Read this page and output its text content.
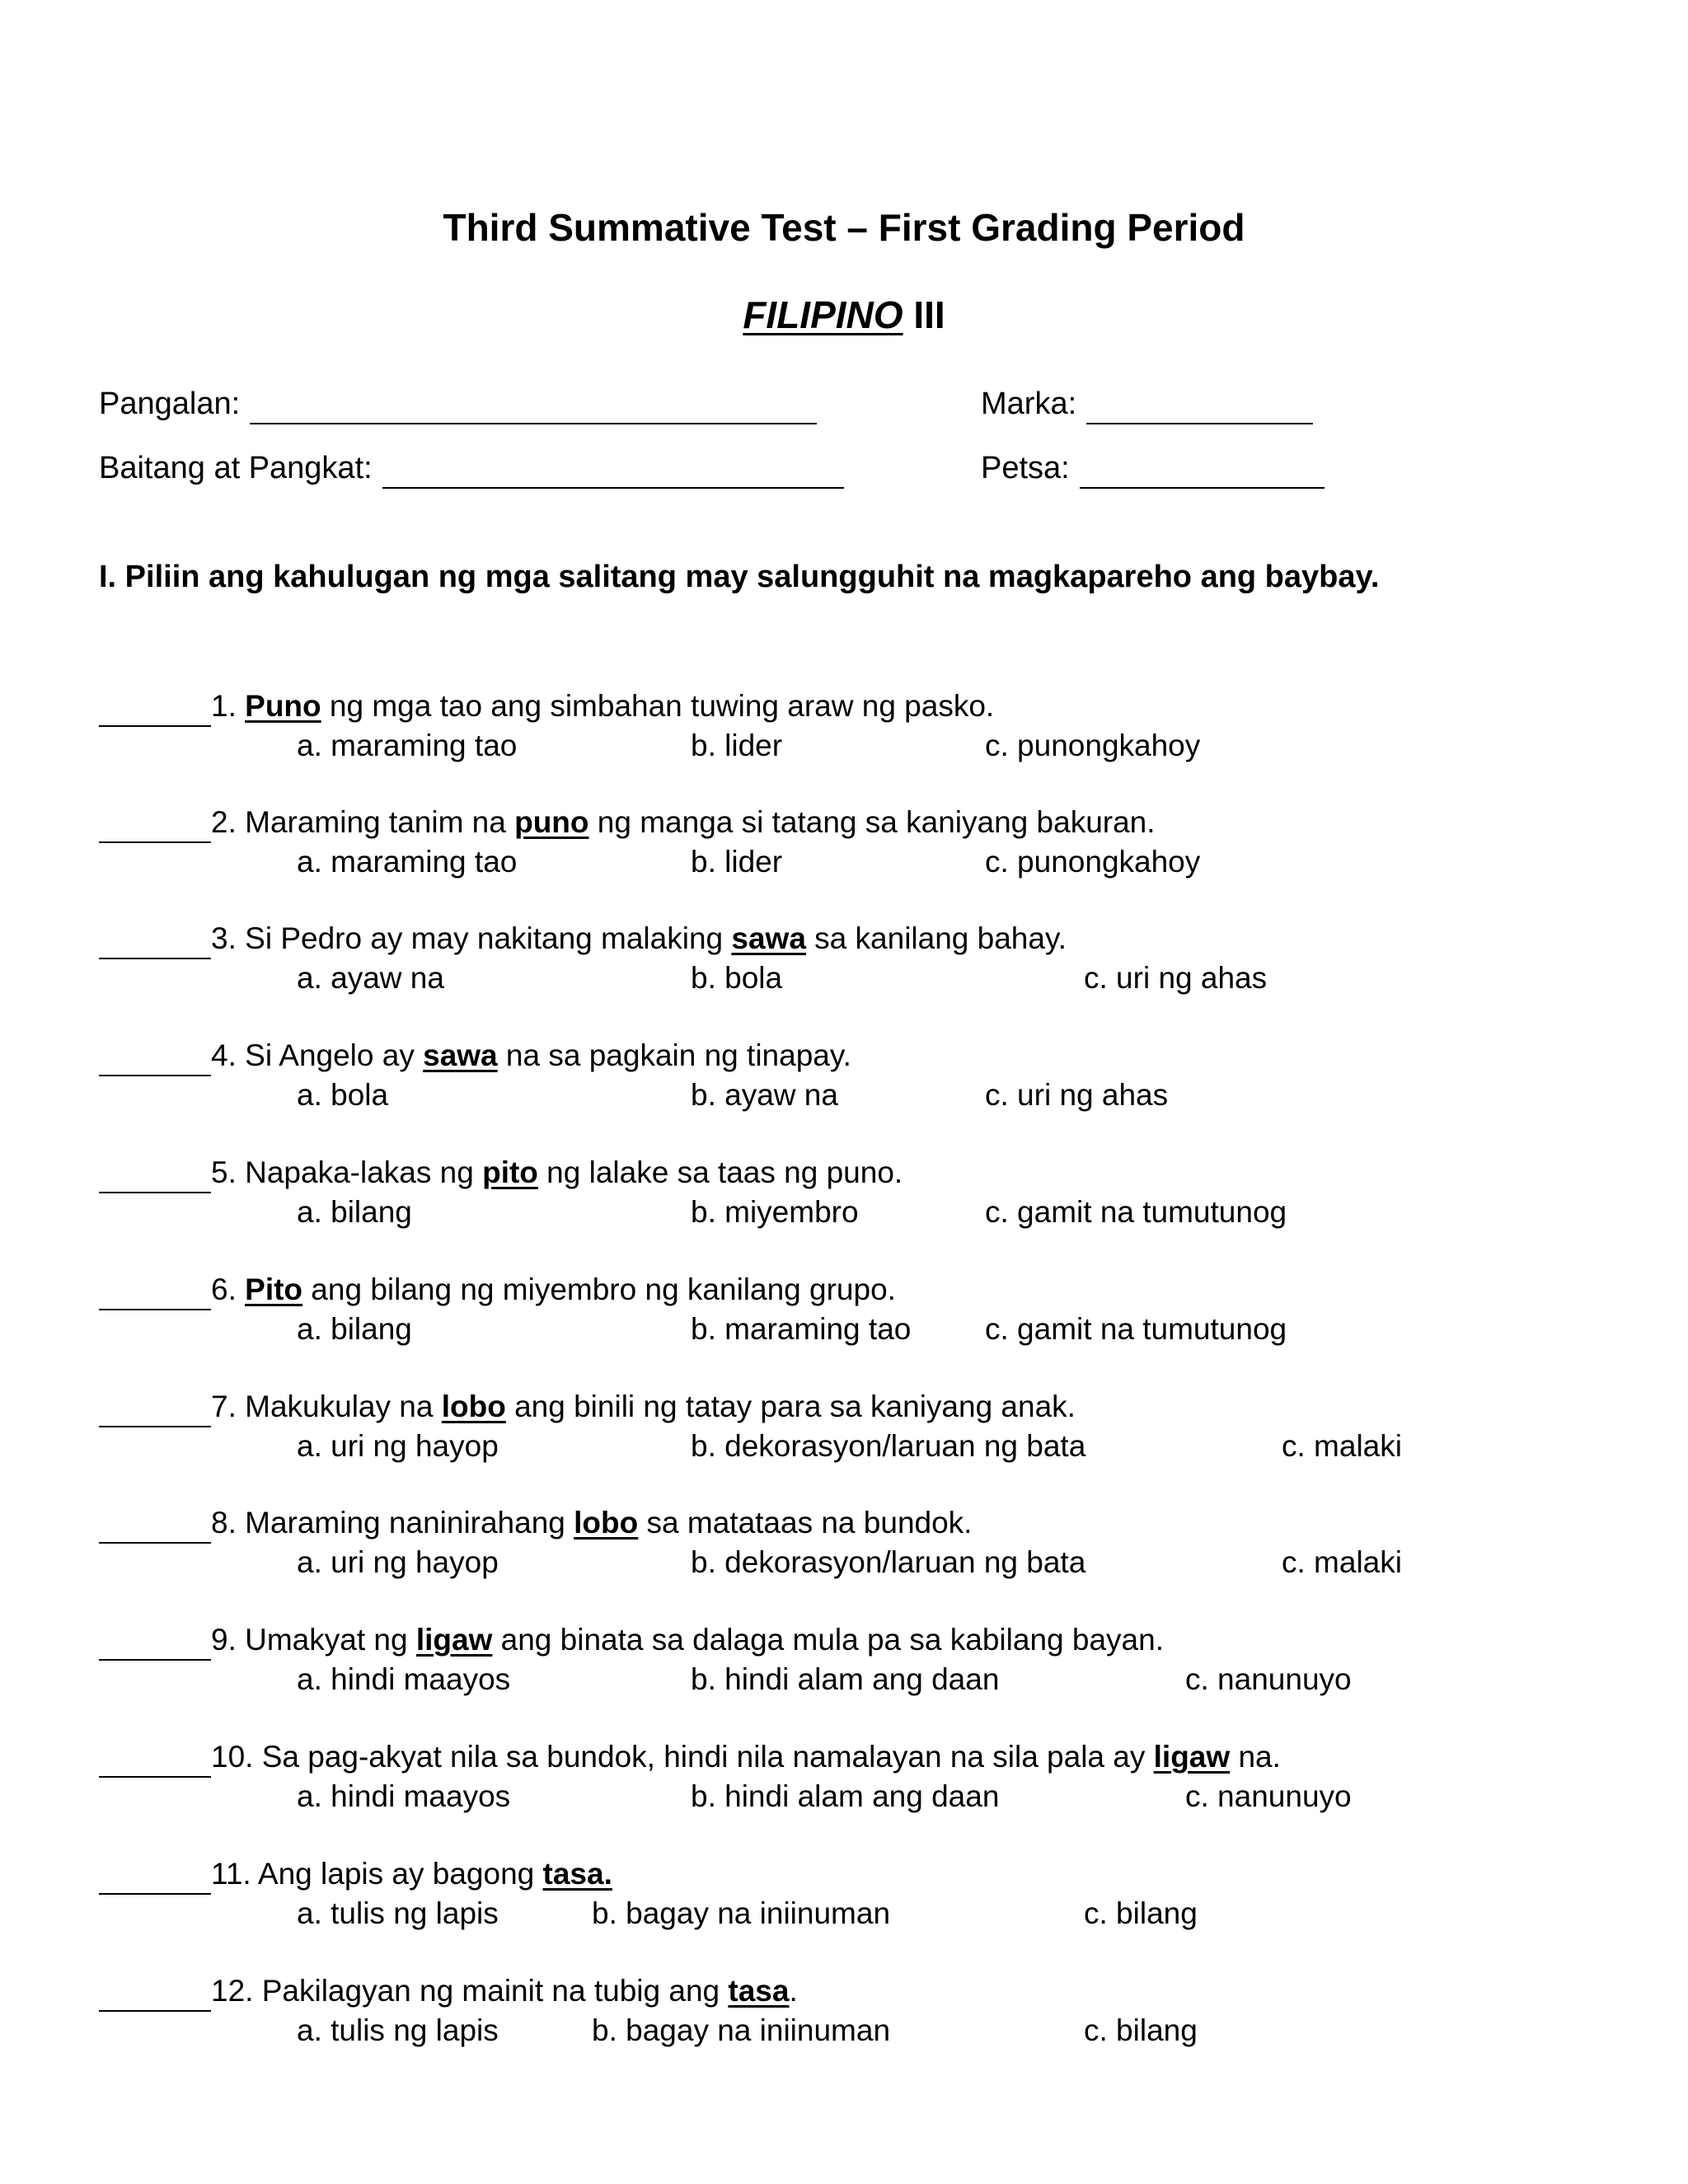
Third Summative Test – First Grading Period
FILIPINO III
Pangalan:	Marka:
Baitang at Pangkat:	Petsa:
I. Piliin ang kahulugan ng mga salitang may salungguhit na magkapareho ang baybay.
1. Puno ng mga tao ang simbahan tuwing araw ng pasko.
a. maraming tao	b. lider	c. punongkahoy
2. Maraming tanim na puno ng manga si tatang sa kaniyang bakuran.
a. maraming tao	b. lider	c. punongkahoy
3. Si Pedro ay may nakitang malaking sawa sa kanilang bahay.
a. ayaw na	b. bola	c. uri ng ahas
4. Si Angelo ay sawa na sa pagkain ng tinapay.
a. bola	b. ayaw na	c. uri ng ahas
5. Napaka-lakas ng pito ng lalake sa taas ng puno.
a. bilang	b. miyembro	c. gamit na tumutunog
6. Pito ang bilang ng miyembro ng kanilang grupo.
a. bilang	b. maraming tao c. gamit na tumutunog
7. Makukulay na lobo ang binili ng tatay para sa kaniyang anak.
a. uri ng hayop	b. dekorasyon/laruan ng bata	c. malaki
8. Maraming naninirahang lobo sa matataas na bundok.
a. uri ng hayop	b. dekorasyon/laruan ng bata	c. malaki
9. Umakyat ng ligaw ang binata sa dalaga mula pa sa kabilang bayan.
a. hindi maayos	b. hindi alam ang daan	c. nanunuyo
10. Sa pag-akyat nila sa bundok, hindi nila namalayan na sila pala ay ligaw na.
a. hindi maayos	b. hindi alam ang daan	c. nanunuyo
11. Ang lapis ay bagong tasa.
a. tulis ng lapis	b. bagay na iniinuman	c. bilang
12. Pakilagyan ng mainit na tubig ang tasa.
a. tulis ng lapis	b. bagay na iniinuman	c. bilang
